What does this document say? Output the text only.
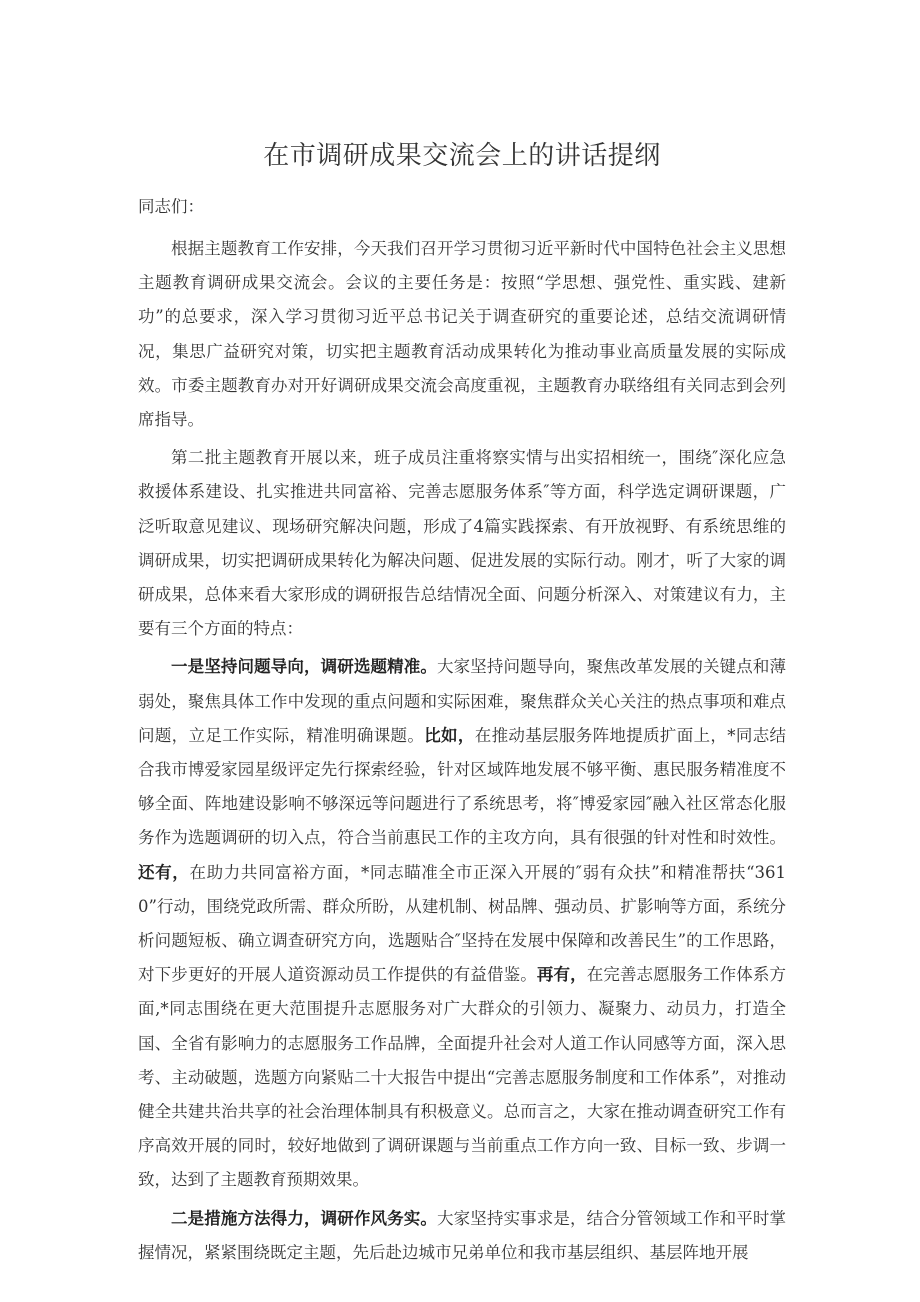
在市调研成果交流会上的讲话提纲

同志们：

根据主题教育工作安排，今天我们召开学习贯彻习近平新时代中国特色社会主义思想主题教育调研成果交流会。会议的主要任务是：按照“学思想、强党性、重实践、建新功”的总要求，深入学习贯彻习近平总书记关于调查研究的重要论述，总结交流调研情况，集思广益研究对策，切实把主题教育活动成果转化为推动事业高质量发展的实际成效。市委主题教育办对开好调研成果交流会高度重视，主题教育办联络组有关同志到会列席指导。

第二批主题教育开展以来，班子成员注重将察实情与出实招相统一，围绕″深化应急救援体系建设、扎实推进共同富裕、完善志愿服务体系″等方面，科学选定调研课题，广泛听取意见建议、现场研究解决问题，形成了4篇实践探索、有开放视野、有系统思维的调研成果，切实把调研成果转化为解决问题、促进发展的实际行动。刚才，听了大家的调研成果，总体来看大家形成的调研报告总结情况全面、问题分析深入、对策建议有力，主要有三个方面的特点：

一是坚持问题导向，调研选题精准。大家坚持问题导向，聚焦改革发展的关键点和薄弱处，聚焦具体工作中发现的重点问题和实际困难，聚焦群众关心关注的热点事项和难点问题，立足工作实际，精准明确课题。比如，在推动基层服务阵地提质扩面上，*同志结合我市博爱家园星级评定先行探索经验，针对区域阵地发展不够平衡、惠民服务精准度不够全面、阵地建设影响不够深远等问题进行了系统思考，将″博爱家园″融入社区常态化服务作为选题调研的切入点，符合当前惠民工作的主攻方向，具有很强的针对性和时效性。还有，在助力共同富裕方面，*同志瞄准全市正深入开展的″弱有众扶”和精准帮扶“3610”行动，围绕党政所需、群众所盼，从建机制、树品牌、强动员、扩影响等方面，系统分析问题短板、确立调查研究方向，选题贴合″坚持在发展中保障和改善民生”的工作思路，对下步更好的开展人道资源动员工作提供的有益借鉴。再有，在完善志愿服务工作体系方面,*同志围绕在更大范围提升志愿服务对广大群众的引领力、凝聚力、动员力，打造全国、全省有影响力的志愿服务工作品牌，全面提升社会对人道工作认同感等方面，深入思考、主动破题，选题方向紧贴二十大报告中提出“完善志愿服务制度和工作体系”，对推动健全共建共治共享的社会治理体制具有积极意义。总而言之，大家在推动调查研究工作有序高效开展的同时，较好地做到了调研课题与当前重点工作方向一致、目标一致、步调一致，达到了主题教育预期效果。

二是措施方法得力，调研作风务实。大家坚持实事求是，结合分管领域工作和平时掌握情况，紧紧围绕既定主题，先后赴边城市兄弟单位和我市基层组织、基层阵地开展
